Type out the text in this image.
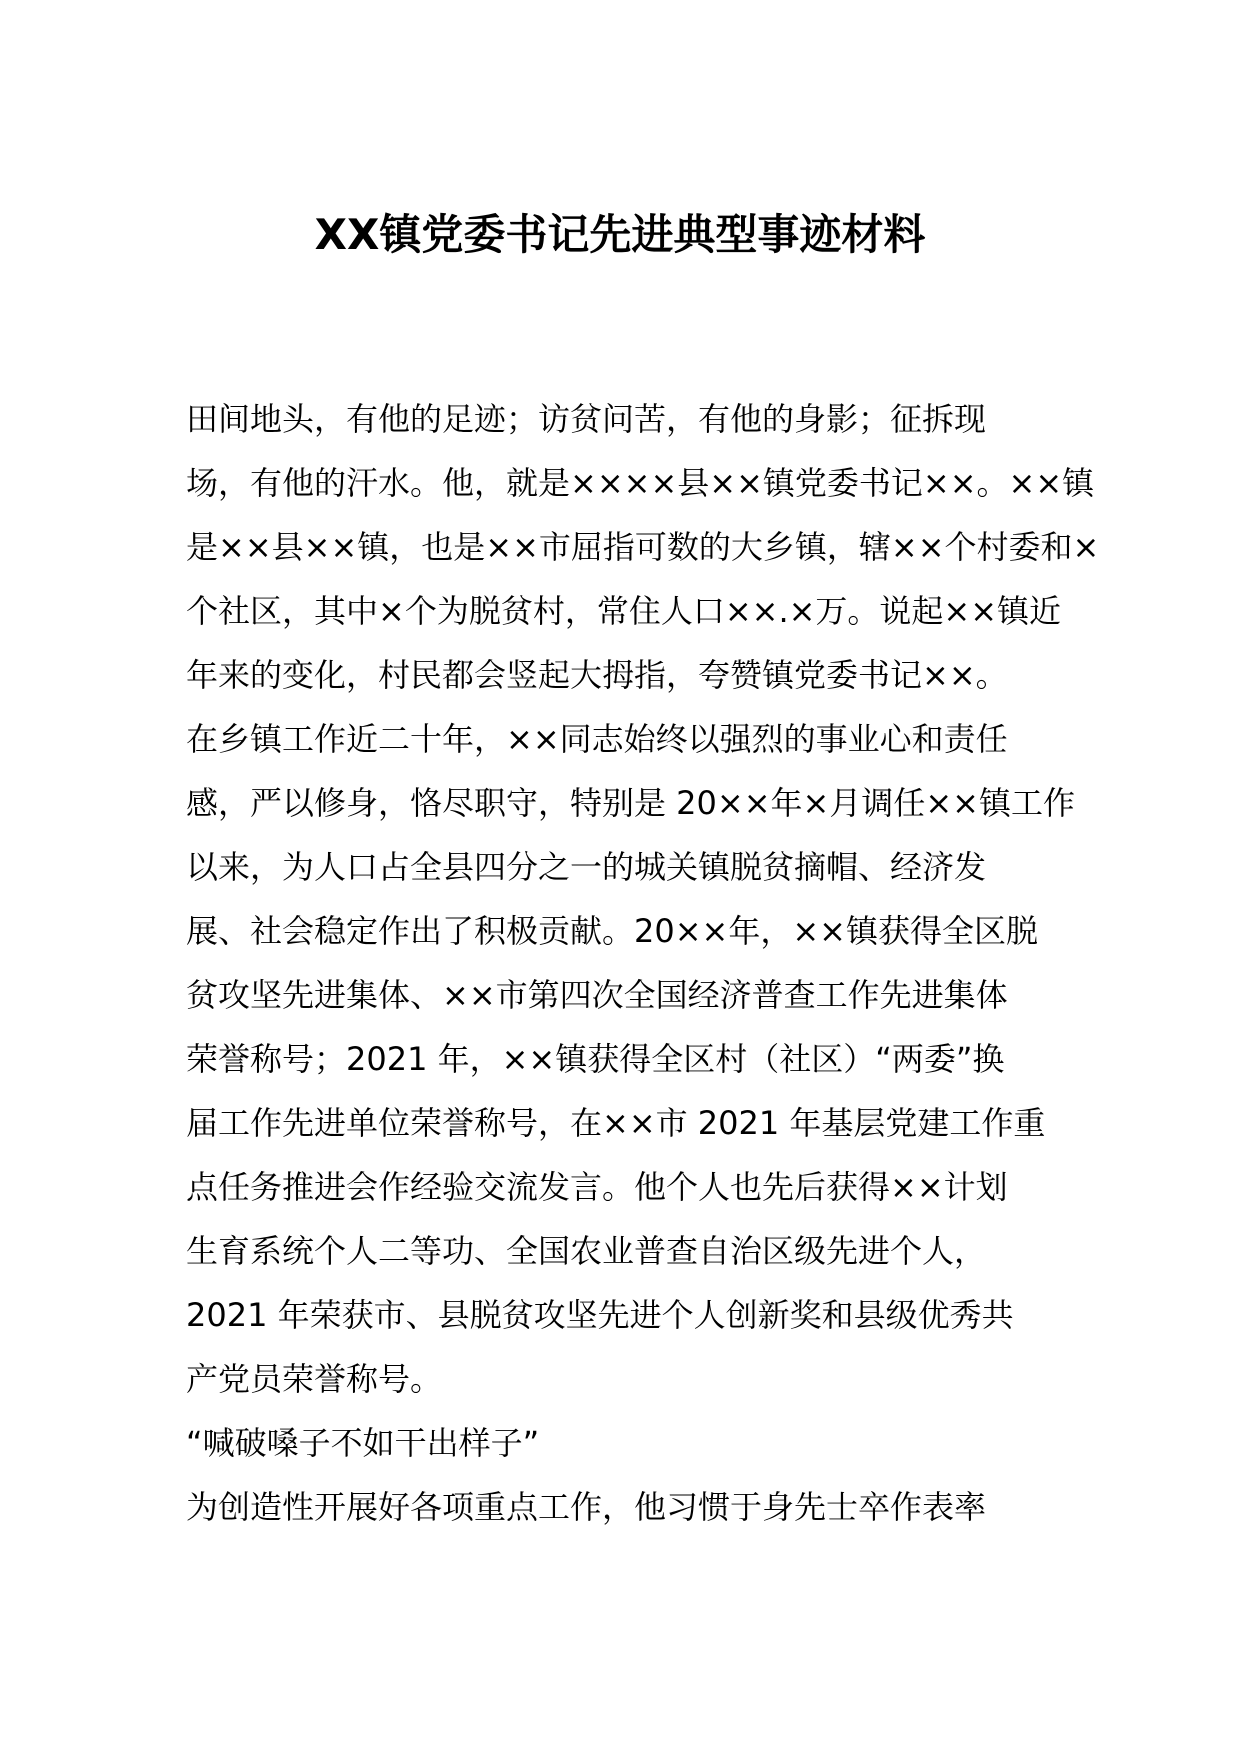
XX镇党委书记先进典型事迹材料
田间地头，有他的足迹；访贫问苦，有他的身影；征拆现
场，有他的汗水。他，就是××××县××镇党委书记××。××镇
是××县××镇，也是××市屈指可数的大乡镇，辖××个村委和×
个社区，其中×个为脱贫村，常住人口××.×万。说起××镇近
年来的变化，村民都会竖起大拇指，夸赞镇党委书记××。
在乡镇工作近二十年，××同志始终以强烈的事业心和责任
感，严以修身，恪尽职守，特别是 20××年×月调任××镇工作
以来，为人口占全县四分之一的城关镇脱贫摘帽、经济发
展、社会稳定作出了积极贡献。20××年，××镇获得全区脱
贫攻坚先进集体、××市第四次全国经济普查工作先进集体
荣誉称号；2021 年，××镇获得全区村（社区）“两委”换
届工作先进单位荣誉称号，在××市 2021 年基层党建工作重
点任务推进会作经验交流发言。他个人也先后获得××计划
生育系统个人二等功、全国农业普查自治区级先进个人，
2021 年荣获市、县脱贫攻坚先进个人创新奖和县级优秀共
产党员荣誉称号。
“喊破嗓子不如干出样子”
为创造性开展好各项重点工作，他习惯于身先士卒作表率
